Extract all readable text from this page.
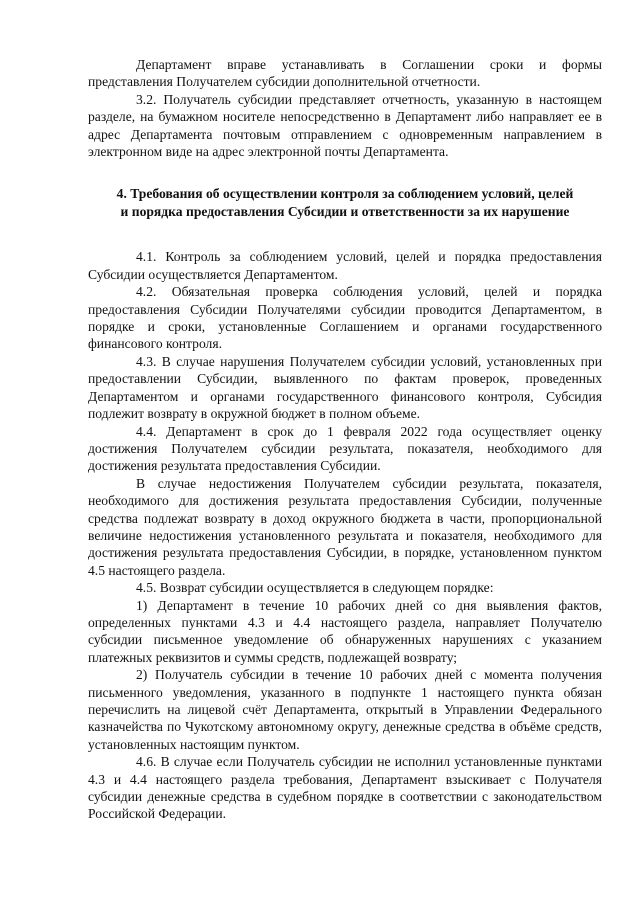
Департамент вправе устанавливать в Соглашении сроки и формы представления Получателем субсидии дополнительной отчетности.

3.2. Получатель субсидии представляет отчетность, указанную в настоящем разделе, на бумажном носителе непосредственно в Департамент либо направляет ее в адрес Департамента почтовым отправлением с одновременным направлением в электронном виде на адрес электронной почты Департамента.

4. Требования об осуществлении контроля за соблюдением условий, целей
и порядка предоставления Субсидии и ответственности за их нарушение

4.1. Контроль за соблюдением условий, целей и порядка предоставления Субсидии осуществляется Департаментом.

4.2. Обязательная проверка соблюдения условий, целей и порядка предоставления Субсидии Получателями субсидии проводится Департаментом, в порядке и сроки, установленные Соглашением и органами государственного финансового контроля.

4.3. В случае нарушения Получателем субсидии условий, установленных при предоставлении Субсидии, выявленного по фактам проверок, проведенных Департаментом и органами государственного финансового контроля, Субсидия подлежит возврату в окружной бюджет в полном объеме.

4.4. Департамент в срок до 1 февраля 2022 года осуществляет оценку достижения Получателем субсидии результата, показателя, необходимого для достижения результата предоставления Субсидии.

В случае недостижения Получателем субсидии результата, показателя, необходимого для достижения результата предоставления Субсидии, полученные средства подлежат возврату в доход окружного бюджета в части, пропорциональной величине недостижения установленного результата и показателя, необходимого для достижения результата предоставления Субсидии, в порядке, установленном пунктом 4.5 настоящего раздела.

4.5. Возврат субсидии осуществляется в следующем порядке:

1) Департамент в течение 10 рабочих дней со дня выявления фактов, определенных пунктами 4.3 и 4.4 настоящего раздела, направляет Получателю субсидии письменное уведомление об обнаруженных нарушениях с указанием платежных реквизитов и суммы средств, подлежащей возврату;

2) Получатель субсидии в течение 10 рабочих дней с момента получения письменного уведомления, указанного в подпункте 1 настоящего пункта обязан перечислить на лицевой счёт Департамента, открытый в Управлении Федерального казначейства по Чукотскому автономному округу, денежные средства в объёме средств, установленных настоящим пунктом.

4.6. В случае если Получатель субсидии не исполнил установленные пунктами 4.3 и 4.4 настоящего раздела требования, Департамент взыскивает с Получателя субсидии денежные средства в судебном порядке в соответствии с законодательством Российской Федерации.
